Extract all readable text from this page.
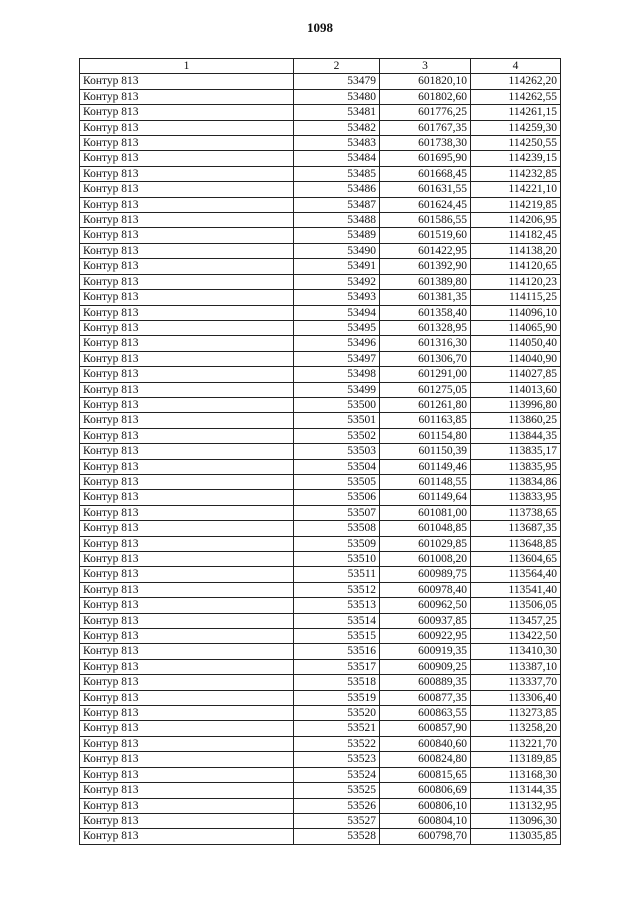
1098
1	2	3	4
Контур 813	53479	601820,10	114262,20
Контур 813	53480	601802,60	114262,55
Контур 813	53481	601776,25	114261,15
Контур 813	53482	601767,35	114259,30
Контур 813	53483	601738,30	114250,55
Контур 813	53484	601695,90	114239,15
Контур 813	53485	601668,45	114232,85
Контур 813	53486	601631,55	114221,10
Контур 813	53487	601624,45	114219,85
Контур 813	53488	601586,55	114206,95
Контур 813	53489	601519,60	114182,45
Контур 813	53490	601422,95	114138,20
Контур 813	53491	601392,90	114120,65
Контур 813	53492	601389,80	114120,23
Контур 813	53493	601381,35	114115,25
Контур 813	53494	601358,40	114096,10
Контур 813	53495	601328,95	114065,90
Контур 813	53496	601316,30	114050,40
Контур 813	53497	601306,70	114040,90
Контур 813	53498	601291,00	114027,85
Контур 813	53499	601275,05	114013,60
Контур 813	53500	601261,80	113996,80
Контур 813	53501	601163,85	113860,25
Контур 813	53502	601154,80	113844,35
Контур 813	53503	601150,39	113835,17
Контур 813	53504	601149,46	113835,95
Контур 813	53505	601148,55	113834,86
Контур 813	53506	601149,64	113833,95
Контур 813	53507	601081,00	113738,65
Контур 813	53508	601048,85	113687,35
Контур 813	53509	601029,85	113648,85
Контур 813	53510	601008,20	113604,65
Контур 813	53511	600989,75	113564,40
Контур 813	53512	600978,40	113541,40
Контур 813	53513	600962,50	113506,05
Контур 813	53514	600937,85	113457,25
Контур 813	53515	600922,95	113422,50
Контур 813	53516	600919,35	113410,30
Контур 813	53517	600909,25	113387,10
Контур 813	53518	600889,35	113337,70
Контур 813	53519	600877,35	113306,40
Контур 813	53520	600863,55	113273,85
Контур 813	53521	600857,90	113258,20
Контур 813	53522	600840,60	113221,70
Контур 813	53523	600824,80	113189,85
Контур 813	53524	600815,65	113168,30
Контур 813	53525	600806,69	113144,35
Контур 813	53526	600806,10	113132,95
Контур 813	53527	600804,10	113096,30
Контур 813	53528	600798,70	113035,85
